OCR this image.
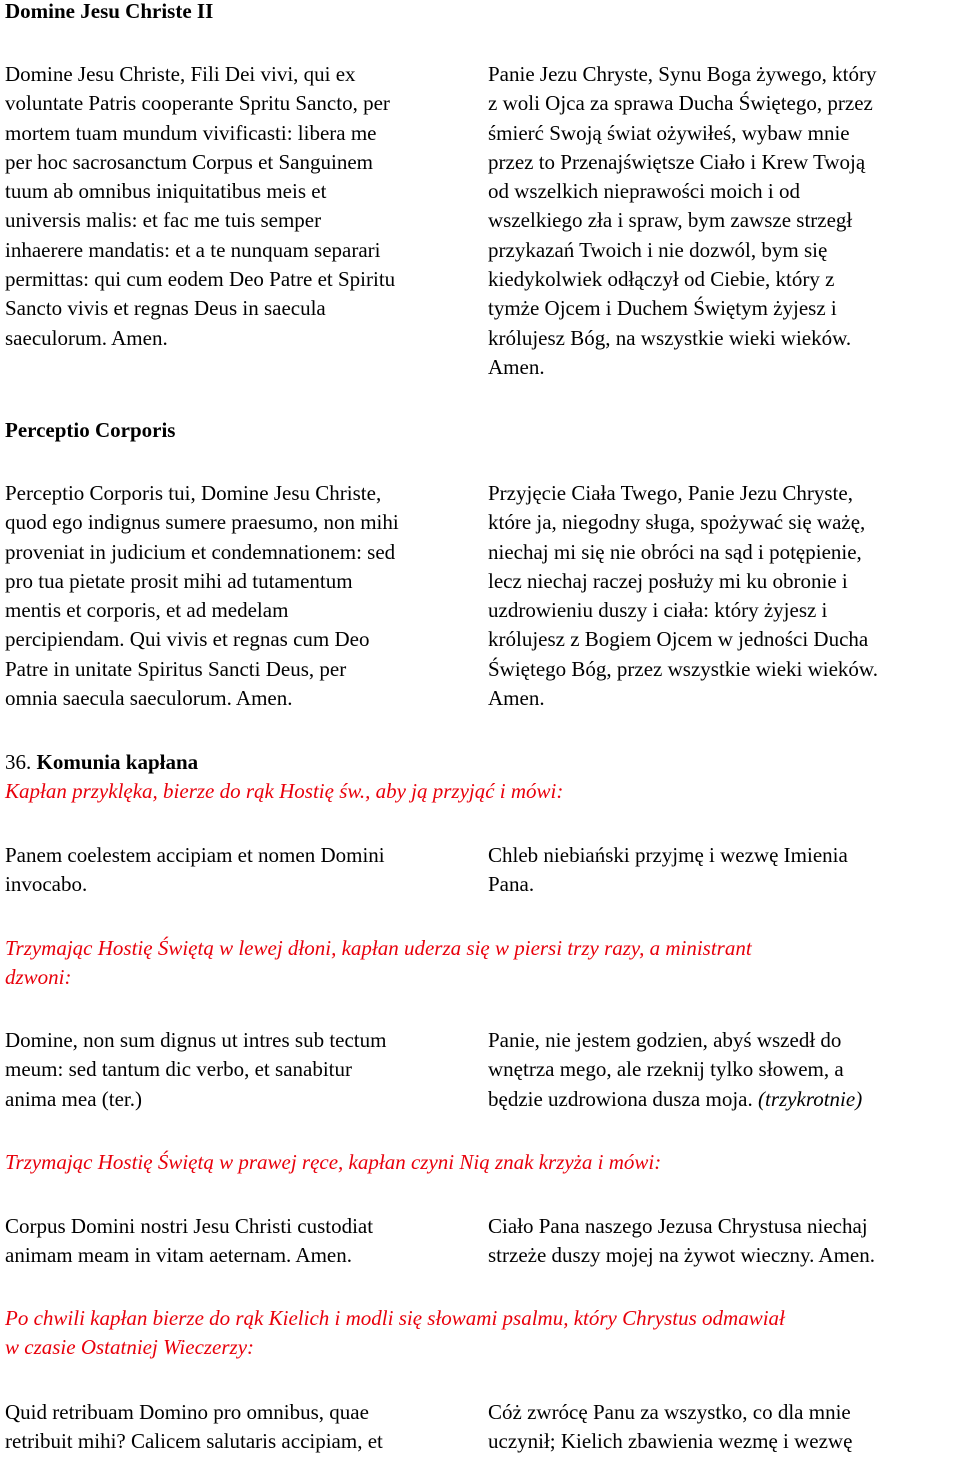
Domine Jesu Christe II
Domine Jesu Christe, Fili Dei vivi, qui ex
voluntate Patris cooperante Spritu Sancto, per
mortem tuam mundum vivificasti: libera me
per hoc sacrosanctum Corpus et Sanguinem
tuum ab omnibus iniquitatibus meis et
universis malis: et fac me tuis semper
inhaerere mandatis: et a te nunquam separari
permittas: qui cum eodem Deo Patre et Spiritu
Sancto vivis et regnas Deus in saecula
saeculorum. Amen.
Panie Jezu Chryste, Synu Boga żywego, który
z woli Ojca za sprawa Ducha Świętego, przez
śmierć Swoją świat ożywiłeś, wybaw mnie
przez to Przenajświętsze Ciało i Krew Twoją
od wszelkich nieprawości moich i od
wszelkiego zła i spraw, bym zawsze strzegł
przykazań Twoich i nie dozwól, bym się
kiedykolwiek odłączył od Ciebie, który z
tymże Ojcem i Duchem Świętym żyjesz i
królujesz Bóg, na wszystkie wieki wieków.
Amen.
Perceptio Corporis
Perceptio Corporis tui, Domine Jesu Christe,
quod ego indignus sumere praesumo, non mihi
proveniat in judicium et condemnationem: sed
pro tua pietate prosit mihi ad tutamentum
mentis et corporis, et ad medelam
percipiendam. Qui vivis et regnas cum Deo
Patre in unitate Spiritus Sancti Deus, per
omnia saecula saeculorum. Amen.
Przyjęcie Ciała Twego, Panie Jezu Chryste,
które ja, niegodny sługa, spożywać się ważę,
niechaj mi się nie obróci na sąd i potępienie,
lecz niechaj raczej posłuży mi ku obronie i
uzdrowieniu duszy i ciała: który żyjesz i
królujesz z Bogiem Ojcem w jedności Ducha
Świętego Bóg, przez wszystkie wieki wieków.
Amen.
36. Komunia kapłana
Kapłan przyklęka, bierze do rąk Hostię św., aby ją przyjąć i mówi:
Panem coelestem accipiam et nomen Domini
invocabo.
Chleb niebiański przyjmę i wezwę Imienia
Pana.
Trzymając Hostię Świętą w lewej dłoni, kapłan uderza się w piersi trzy razy, a ministrant
dzwoni:
Domine, non sum dignus ut intres sub tectum
meum: sed tantum dic verbo, et sanabitur
anima mea (ter.)
Panie, nie jestem godzien, abyś wszedł do
wnętrza mego, ale rzeknij tylko słowem, a
będzie uzdrowiona dusza moja. (trzykrotnie)
Trzymając Hostię Świętą w prawej ręce, kapłan czyni Nią znak krzyża i mówi:
Corpus Domini nostri Jesu Christi custodiat
animam meam in vitam aeternam. Amen.
Ciało Pana naszego Jezusa Chrystusa niechaj
strzeże duszy mojej na żywot wieczny. Amen.
Po chwili kapłan bierze do rąk Kielich i modli się słowami psalmu, który Chrystus odmawiał
w czasie Ostatniej Wieczerzy:
Quid retribuam Domino pro omnibus, quae
retribuit mihi? Calicem salutaris accipiam, et
Cóż zwrócę Panu za wszystko, co dla mnie
uczynił; Kielich zbawienia wezmę i wezwę
